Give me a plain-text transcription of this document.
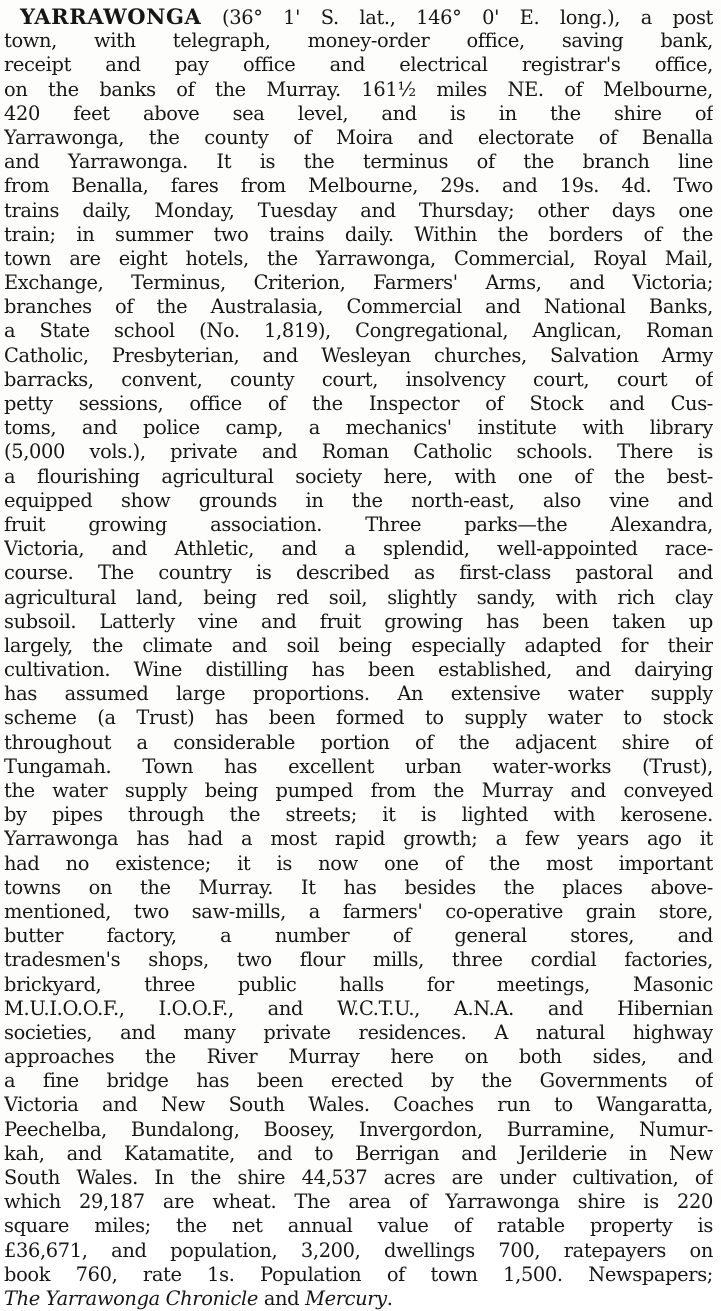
YARRAWONGA (36° 1' S. lat., 146° 0' E. long.), a post
town, with telegraph, money-order office, saving bank,
receipt and pay office and electrical registrar's office,
on the banks of the Murray. 161½ miles NE. of Melbourne,
420 feet above sea level, and is in the shire of
Yarrawonga, the county of Moira and electorate of Benalla
and Yarrawonga. It is the terminus of the branch line
from Benalla, fares from Melbourne, 29s. and 19s. 4d. Two
trains daily, Monday, Tuesday and Thursday; other days one
train; in summer two trains daily. Within the borders of the
town are eight hotels, the Yarrawonga, Commercial, Royal Mail,
Exchange, Terminus, Criterion, Farmers' Arms, and Victoria;
branches of the Australasia, Commercial and National Banks,
a State school (No. 1,819), Congregational, Anglican, Roman
Catholic, Presbyterian, and Wesleyan churches, Salvation Army
barracks, convent, county court, insolvency court, court of
petty sessions, office of the Inspector of Stock and Cus-
toms, and police camp, a mechanics' institute with library
(5,000 vols.), private and Roman Catholic schools. There is
a flourishing agricultural society here, with one of the best-
equipped show grounds in the north-east, also vine and
fruit growing association. Three parks—the Alexandra,
Victoria, and Athletic, and a splendid, well-appointed race-
course. The country is described as first-class pastoral and
agricultural land, being red soil, slightly sandy, with rich clay
subsoil. Latterly vine and fruit growing has been taken up
largely, the climate and soil being especially adapted for their
cultivation. Wine distilling has been established, and dairying
has assumed large proportions. An extensive water supply
scheme (a Trust) has been formed to supply water to stock
throughout a considerable portion of the adjacent shire of
Tungamah. Town has excellent urban water-works (Trust),
the water supply being pumped from the Murray and conveyed
by pipes through the streets; it is lighted with kerosene.
Yarrawonga has had a most rapid growth; a few years ago it
had no existence; it is now one of the most important
towns on the Murray. It has besides the places above-
mentioned, two saw-mills, a farmers' co-operative grain store,
butter factory, a number of general stores, and
tradesmen's shops, two flour mills, three cordial factories,
brickyard, three public halls for meetings, Masonic
M.U.I.O.O.F., I.O.O.F., and W.C.T.U., A.N.A. and Hibernian
societies, and many private residences. A natural highway
approaches the River Murray here on both sides, and
a fine bridge has been erected by the Governments of
Victoria and New South Wales. Coaches run to Wangaratta,
Peechelba, Bundalong, Boosey, Invergordon, Burramine, Numur-
kah, and Katamatite, and to Berrigan and Jerilderie in New
South Wales. In the shire 44,537 acres are under cultivation, of
which 29,187 are wheat. The area of Yarrawonga shire is 220
square miles; the net annual value of ratable property is
£36,671, and population, 3,200, dwellings 700, ratepayers on
book 760, rate 1s. Population of town 1,500. Newspapers;
The Yarrawonga Chronicle and Mercury.
